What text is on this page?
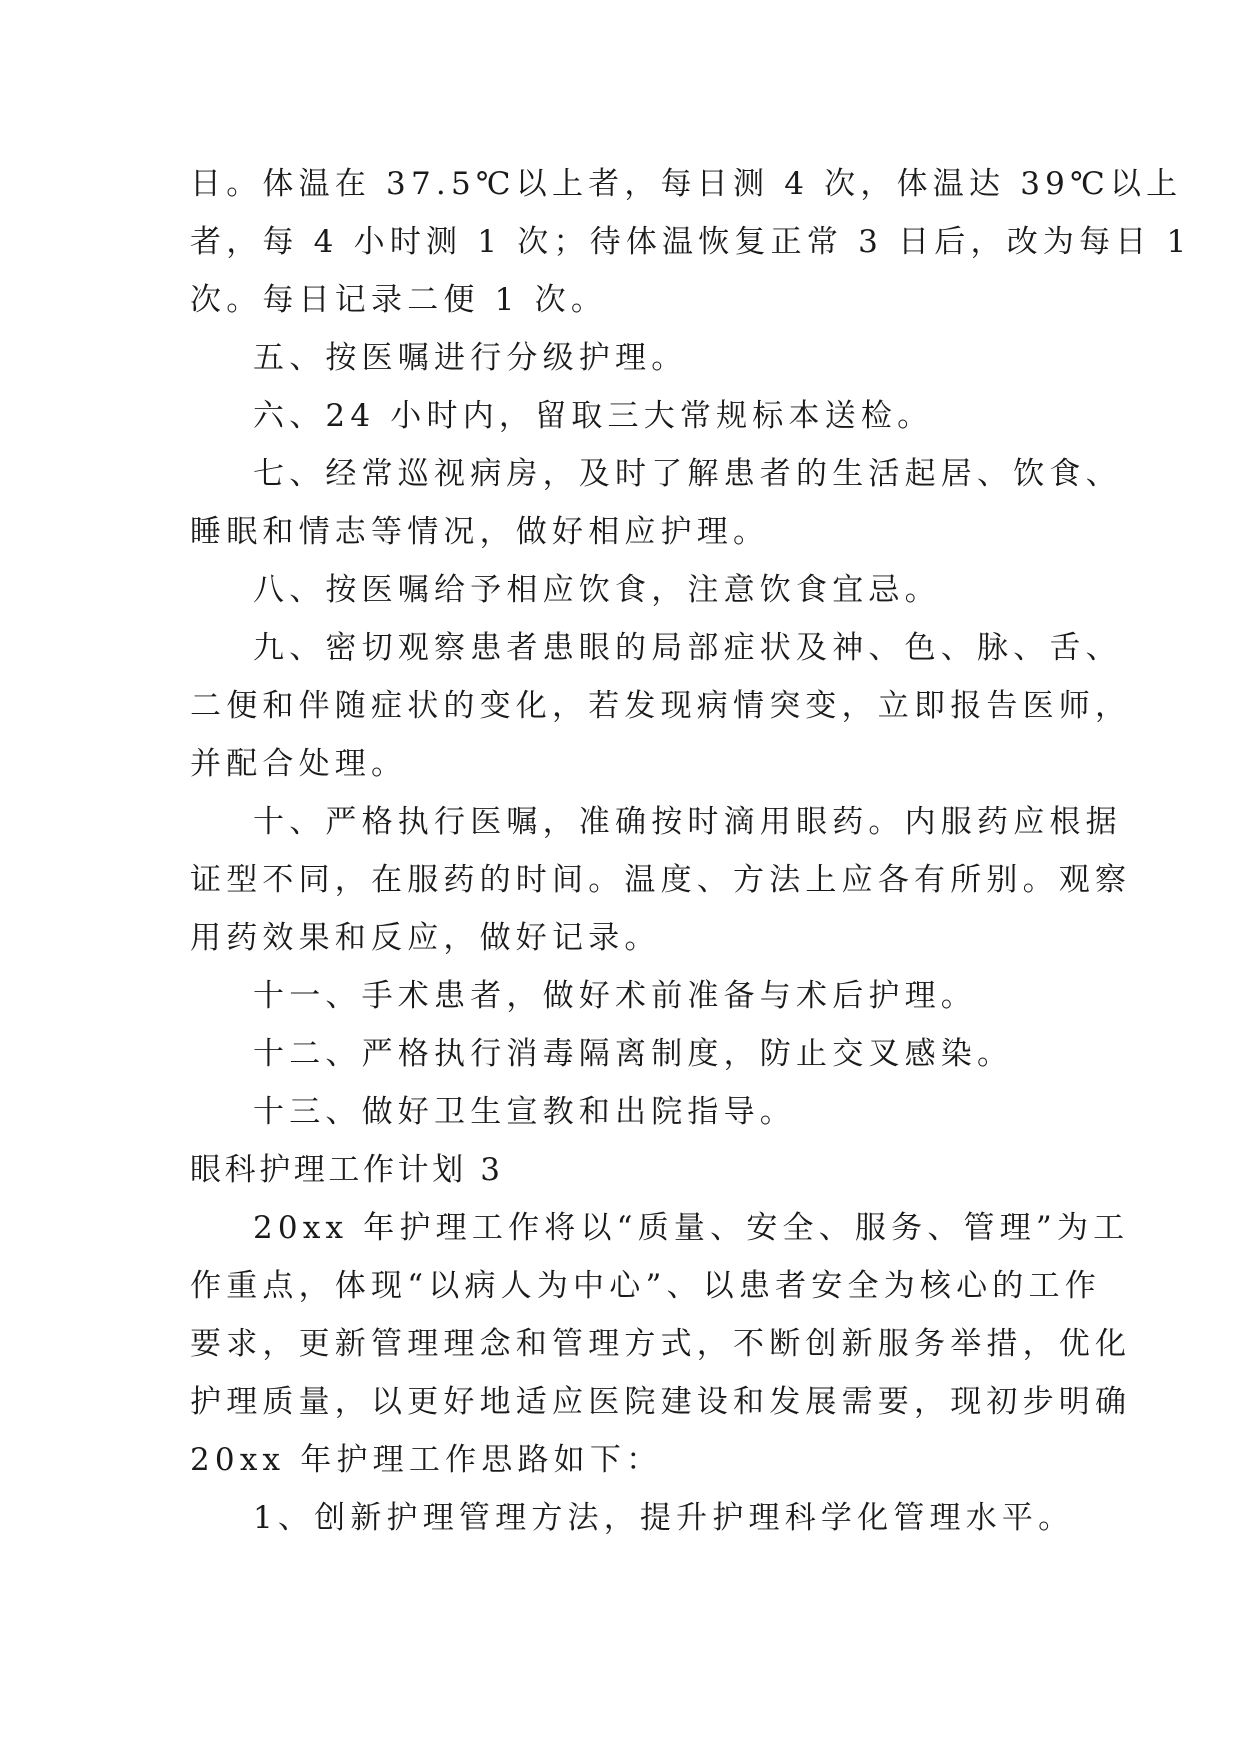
日。体温在 37.5℃以上者，每日测 4 次，体温达 39℃以上
者，每 4 小时测 1 次；待体温恢复正常 3 日后，改为每日 1
次。每日记录二便 1 次。
五、按医嘱进行分级护理。
六、24 小时内，留取三大常规标本送检。
七、经常巡视病房，及时了解患者的生活起居、饮食、
睡眠和情志等情况，做好相应护理。
八、按医嘱给予相应饮食，注意饮食宜忌。
九、密切观察患者患眼的局部症状及神、色、脉、舌、
二便和伴随症状的变化，若发现病情突变，立即报告医师，
并配合处理。
十、严格执行医嘱，准确按时滴用眼药。内服药应根据
证型不同，在服药的时间。温度、方法上应各有所别。观察
用药效果和反应，做好记录。
十一、手术患者，做好术前准备与术后护理。
十二、严格执行消毒隔离制度，防止交叉感染。
十三、做好卫生宣教和出院指导。
眼科护理工作计划 3
20xx 年护理工作将以“质量、安全、服务、管理”为工
作重点，体现“以病人为中心”、以患者安全为核心的工作
要求，更新管理理念和管理方式，不断创新服务举措，优化
护理质量，以更好地适应医院建设和发展需要，现初步明确
20xx 年护理工作思路如下：
1、创新护理管理方法，提升护理科学化管理水平。
